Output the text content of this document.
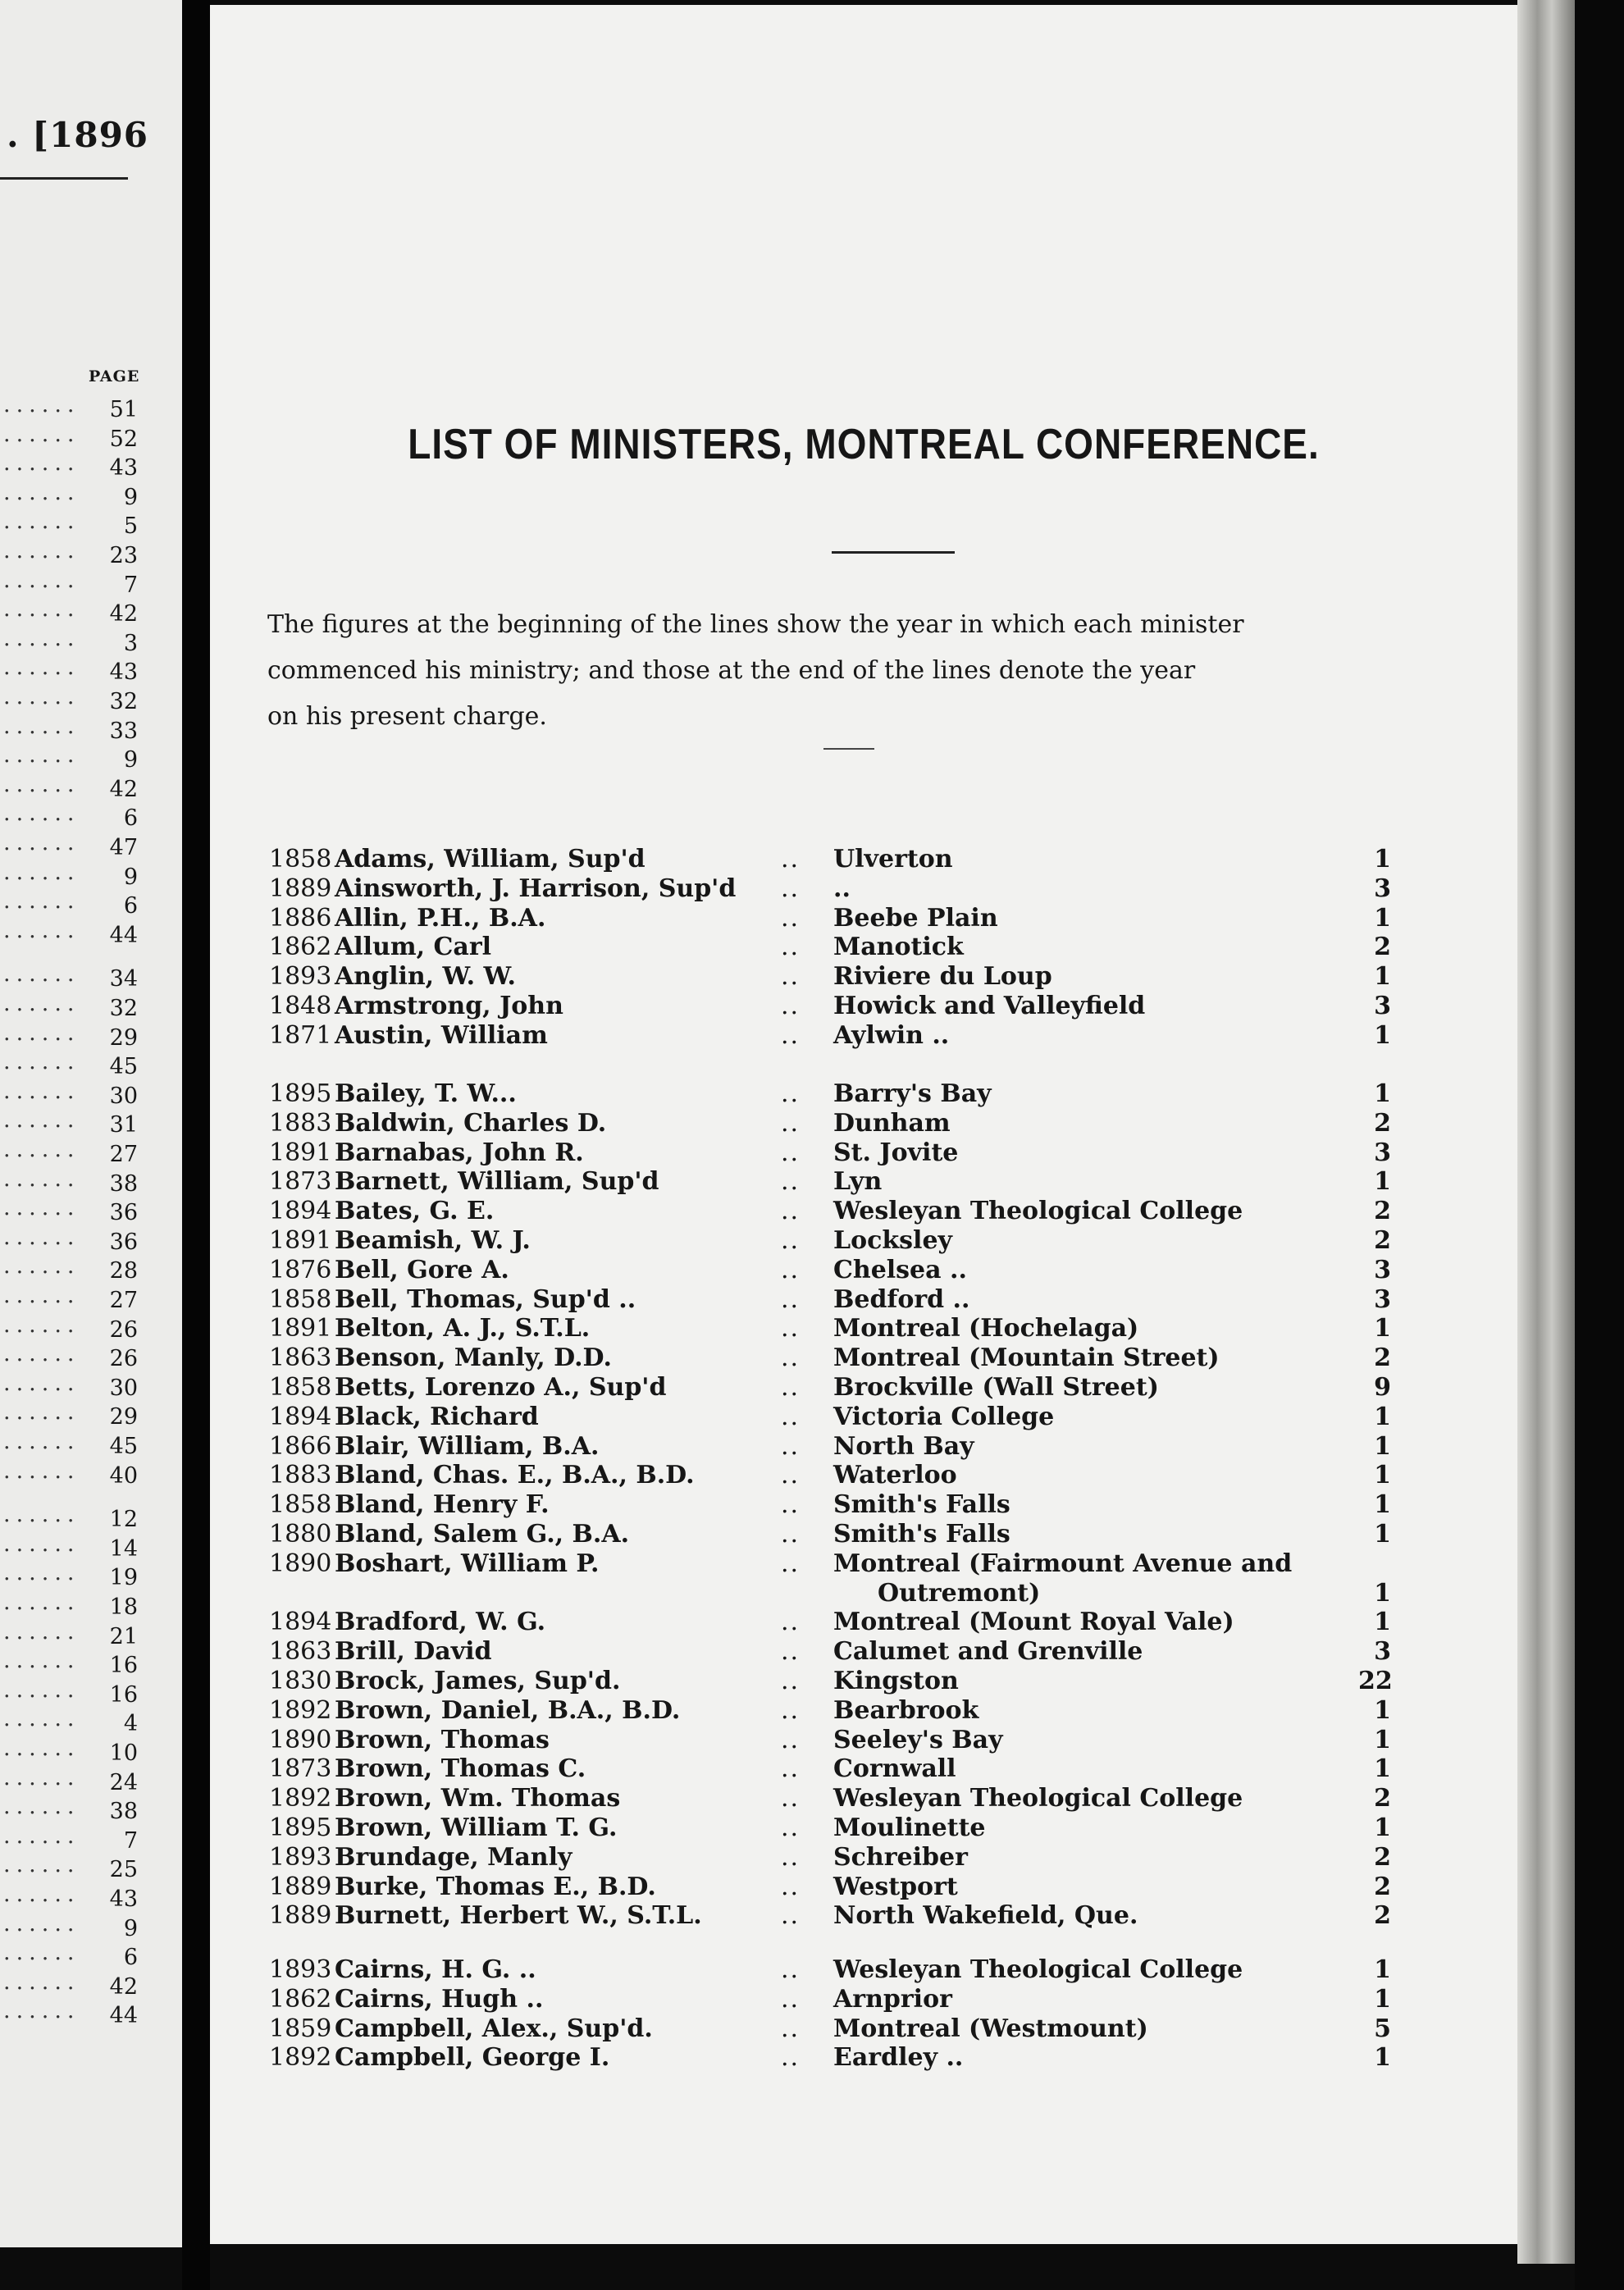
. [1896
PAGE
...... 51
...... 52
...... 43
...... 9
...... 5
...... 23
...... 7
...... 42
...... 3
...... 43
...... 32
...... 33
...... 9
...... 42
...... 6
...... 47
...... 9
...... 6
...... 44
...... 34
...... 32
...... 29
...... 45
...... 30
...... 31
...... 27
...... 38
...... 36
...... 36
...... 28
...... 27
...... 26
...... 26
...... 30
...... 29
...... 45
...... 40
...... 12
...... 14
...... 19
...... 18
...... 21
...... 16
...... 16
...... 4
...... 10
...... 24
...... 38
...... 7
...... 25
...... 43
...... 9
...... 6
...... 42
...... 44
LIST OF MINISTERS, MONTREAL CONFERENCE.
The figures at the beginning of the lines show the year in which each minister
commenced his ministry; and those at the end of the lines denote the year
on his present charge.
1858 Adams, William, Sup'd	.. Ulverton	1
1889 Ainsworth, J. Harrison, Sup'd .. ..	3
1886 Allin, P.H., B.A.	.. Beebe Plain	1
1862 Allum, Carl	.. Manotick	2
1893 Anglin, W. W.	.. Riviere du Loup	1
1848 Armstrong, John	.. Howick and Valleyfield	3
1871 Austin, William	.. Aylwin ..	1
1895 Bailey, T. W...	.. Barry's Bay	1
1883 Baldwin, Charles D.	.. Dunham	2
1891 Barnabas, John R.	.. St. Jovite	3
1873 Barnett, William, Sup'd	.. Lyn	1
1894 Bates, G. E.	.. Wesleyan Theological College	2
1891 Beamish, W. J.	.. Locksley	2
1876 Bell, Gore A.	.. Chelsea ..	3
1858 Bell, Thomas, Sup'd ..	.. Bedford ..	3
1891 Belton, A. J., S.T.L.	.. Montreal (Hochelaga)	1
1863 Benson, Manly, D.D.	.. Montreal (Mountain Street)	2
1858 Betts, Lorenzo A., Sup'd	.. Brockville (Wall Street)	9
1894 Black, Richard	.. Victoria College	1
1866 Blair, William, B.A.	.. North Bay	1
1883 Bland, Chas. E., B.A., B.D.	.. Waterloo	1
1858 Bland, Henry F.	.. Smith's Falls	1
1880 Bland, Salem G., B.A.	.. Smith's Falls	1
1890 Boshart, William P.	.. Montreal (Fairmount Avenue and
Outremont)	1
1894 Bradford, W. G.	.. Montreal (Mount Royal Vale)	1
1863 Brill, David	.. Calumet and Grenville	3
1830 Brock, James, Sup'd.	.. Kingston	22
1892 Brown, Daniel, B.A., B.D.	.. Bearbrook	1
1890 Brown, Thomas	.. Seeley's Bay	1
1873 Brown, Thomas C.	.. Cornwall	1
1892 Brown, Wm. Thomas	.. Wesleyan Theological College	2
1895 Brown, William T. G.	.. Moulinette	1
1893 Brundage, Manly	.. Schreiber	2
1889 Burke, Thomas E., B.D.	.. Westport	2
1889 Burnett, Herbert W., S.T.L.	.. North Wakefield, Que.	2
1893 Cairns, H. G. ..	.. Wesleyan Theological College	1
1862 Cairns, Hugh ..	.. Arnprior	1
1859 Campbell, Alex., Sup'd.	.. Montreal (Westmount)	5
1892 Campbell, George I.	.. Eardley ..	1
